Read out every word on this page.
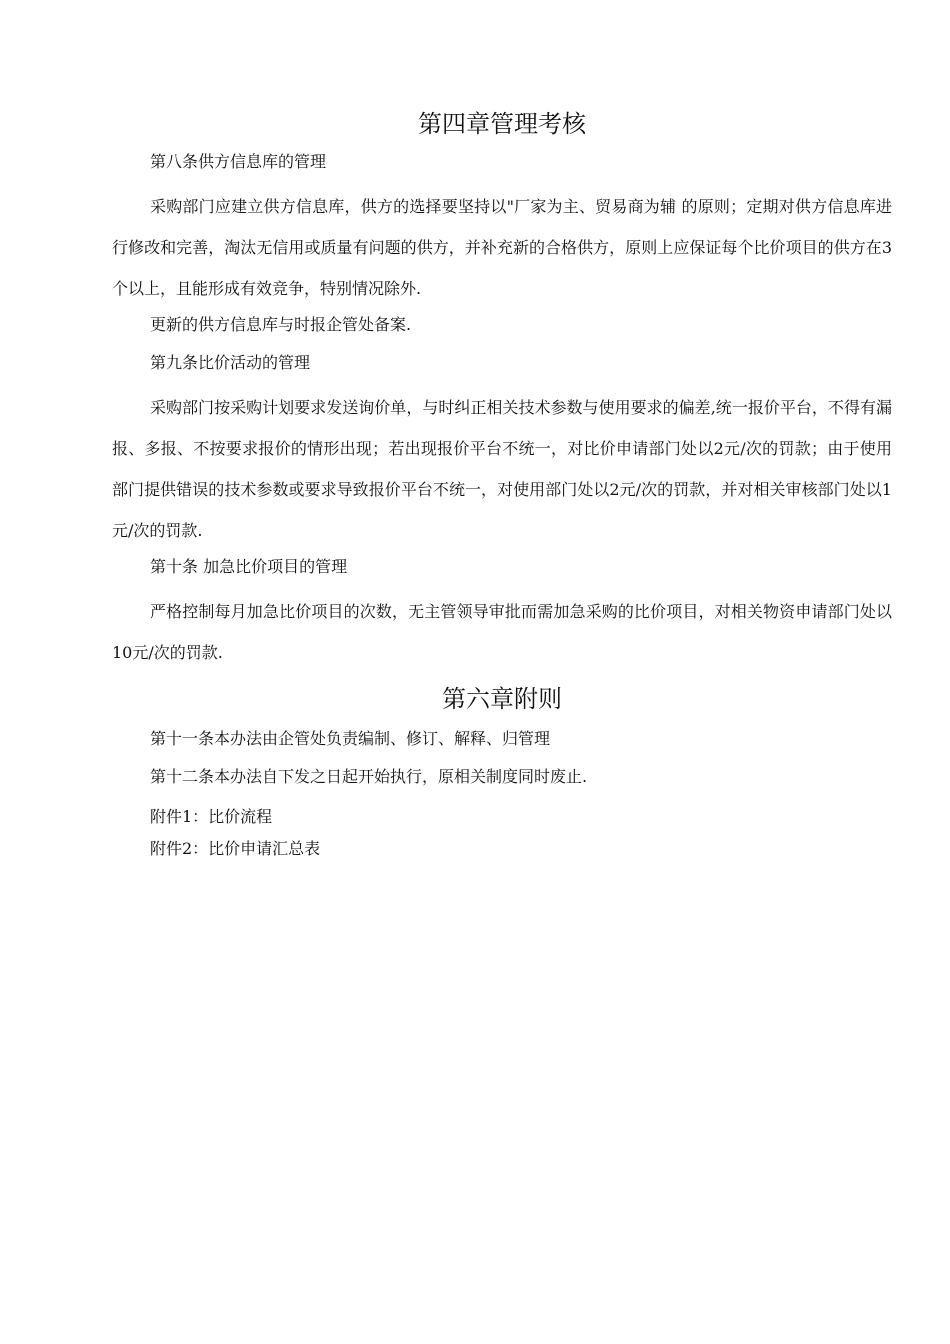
第四章管理考核

第八条供方信息库的管理

采购部门应建立供方信息库，供方的选择要坚持以"厂家为主、贸易商为辅 的原则；定期对供方信息库进行修改和完善，淘汰无信用或质量有问题的供方，并补充新的合格供方，原则上应保证每个比价项目的供方在3个以上，且能形成有效竞争，特别情况除外.

更新的供方信息库与时报企管处备案.

第九条比价活动的管理

采购部门按采购计划要求发送询价单，与时纠正相关技术参数与使用要求的偏差,统一报价平台，不得有漏报、多报、不按要求报价的情形出现；若出现报价平台不统一，对比价申请部门处以2元/次的罚款；由于使用部门提供错误的技术参数或要求导致报价平台不统一，对使用部门处以2元/次的罚款，并对相关审核部门处以1元/次的罚款.

第十条 加急比价项目的管理

严格控制每月加急比价项目的次数，无主管领导审批而需加急采购的比价项目，对相关物资申请部门处以10元/次的罚款.

第六章附则

第十一条本办法由企管处负责编制、修订、解释、归管理

第十二条本办法自下发之日起开始执行，原相关制度同时废止.

附件1：比价流程

附件2：比价申请汇总表
